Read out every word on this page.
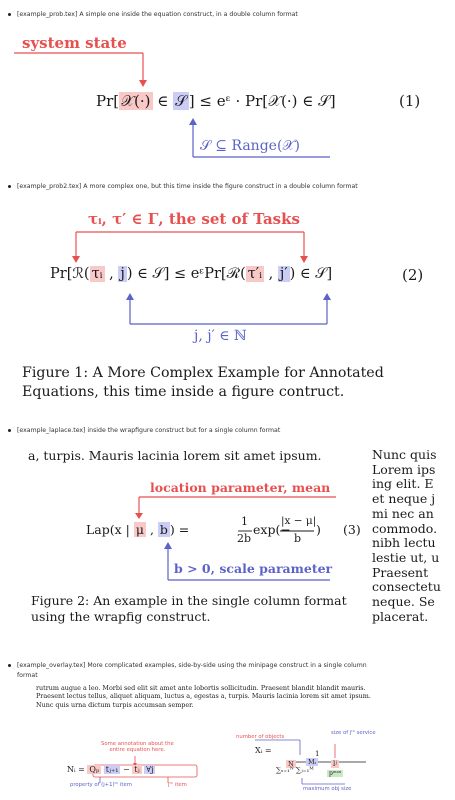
[example_prob.tex] A simple one inside the equation construct, in a double column format
system state
Pr[ 𝒳(·) ∈ 𝒮 ] ≤ eᵋ · Pr[𝒳(·) ∈ 𝒮]	(1)
𝒮 ⊆ Range(𝒳)
[example_prob2.tex] A more complex one, but this time inside the figure construct in a double column format
τᵢ, τ′ ∈ Γ, the set of Tasks
Pr[ℛ( τᵢ , j ) ∈ 𝒮] ≤ eᵋPr[ℛ( τ′ᵢ , j′ ) ∈ 𝒮]	(2)
j, j′ ∈ ℕ
Figure 1: A More Complex Example for Annotated
Equations, this time inside a figure contruct.
[example_laplace.tex] inside the wrapfigure construct but for a single column format
a, turpis. Mauris lacinia lorem sit amet ipsum.	Nunc quis
Lorem ips
ing elit. E
et neque j
mi nec an
commodo.
nibh lectu
lestie ut, u
Praesent
consectetu
neque. Se
placerat.
location parameter, mean
Lap(x | μ , b ) =
1
2b
exp(−
|x − μ|
b
) (3)
b > 0, scale parameter
Figure 2: An example in the single column format
using the wrapfig construct.
[example_overlay.tex] More complicated examples, side-by-side using the minipage construct in a single column
format
rutrum augue a leo. Morbi sed elit sit amet ante lobortis sollicitudin. Praesent blandit blandit mauris.
Praesent lectus tellus, aliquet aliquam, luctus a, egestas a, turpis. Mauris lacinia lorem sit amet ipsum.
Nunc quis urna dictum turpis accumsan semper.
Some annotation about the
entire equation here.
Nᵢ = Qₚ tⱼ₊₁ − tⱼ ∀j
property of (j+1)ᵗʰ item	jᵗʰ item
number of objects
size of jᵗʰ service
Xᵢ =	1
N	Mᵢ
∑ₛ₌₁ᴺ ∑ⱼ₌₁ᴹ
lʲ
pᵐᵃˣ
maximum obj size
